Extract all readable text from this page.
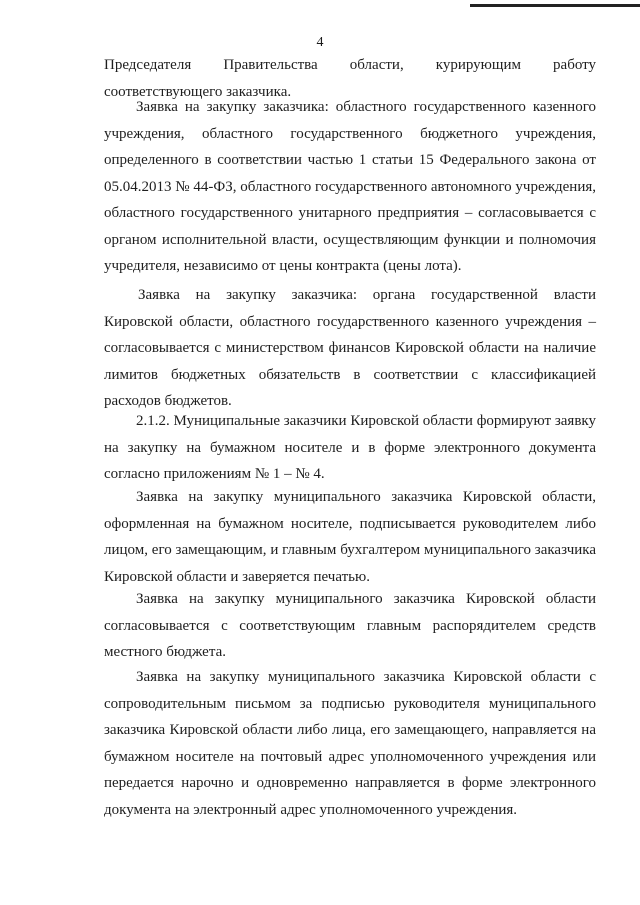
4

Председателя Правительства области, курирующим работу соответствующего заказчика.

Заявка на закупку заказчика: областного государственного казенного учреждения, областного государственного бюджетного учреждения, определенного в соответствии частью 1 статьи 15 Федерального закона от 05.04.2013 № 44-ФЗ, областного государственного автономного учреждения, областного государственного унитарного предприятия – согласовывается с органом исполнительной власти, осуществляющим функции и полномочия учредителя, независимо от цены контракта (цены лота).

Заявка на закупку заказчика: органа государственной власти Кировской области, областного государственного казенного учреждения – согласовывается с министерством финансов Кировской области на наличие лимитов бюджетных обязательств в соответствии с классификацией расходов бюджетов.

2.1.2. Муниципальные заказчики Кировской области формируют заявку на закупку на бумажном носителе и в форме электронного документа согласно приложениям № 1 – № 4.

Заявка на закупку муниципального заказчика Кировской области, оформленная на бумажном носителе, подписывается руководителем либо лицом, его замещающим, и главным бухгалтером муниципального заказчика Кировской области и заверяется печатью.

Заявка на закупку муниципального заказчика Кировской области согласовывается с соответствующим главным распорядителем средств местного бюджета.

Заявка на закупку муниципального заказчика Кировской области с сопроводительным письмом за подписью руководителя муниципального заказчика Кировской области либо лица, его замещающего, направляется на бумажном носителе на почтовый адрес уполномоченного учреждения или передается нарочно и одновременно направляется в форме электронного документа на электронный адрес уполномоченного учреждения.
